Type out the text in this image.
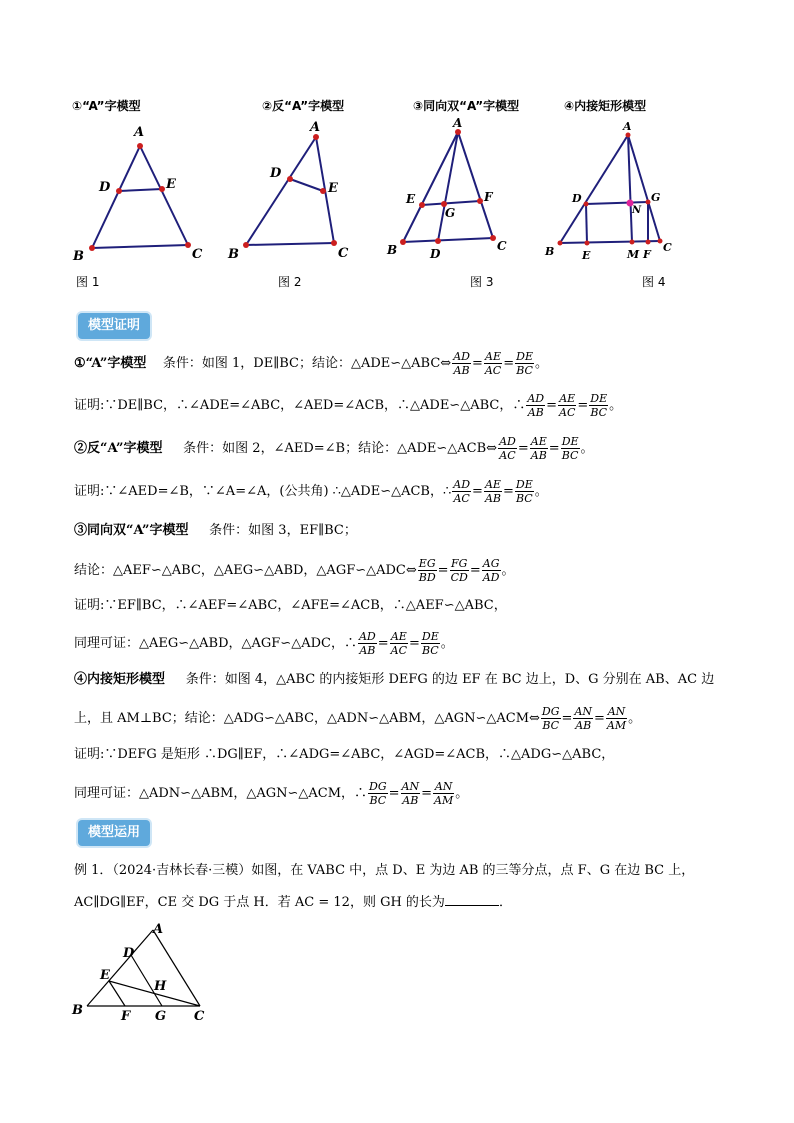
①“A”字模型	②反“A”字模型	③同向双“A”字模型	④内接矩形模型
A
B	C
D	E
A
B	C
D
E
A
B	C
D
E	F
G
A
B	C
D
E	F
G
M
N
图 1	图 2	图 3	图 4
模型证明
①“A”字模型 条件：如图 1，DE∥BC；结论：△ADE∽△ABC⇔ $\frac{AD}{AB} = \frac{AE}{AC} = \frac{DE}{BC}$ 。
证明:∵DE∥BC，∴∠ADE=∠ABC，∠AED=∠ACB，∴△ADE∽△ABC，∴ $\frac{AD}{AB} = \frac{AE}{AC} = \frac{DE}{BC}$ 。
②反“A”字模型 条件：如图 2，∠AED=∠B；结论：△ADE∽△ACB⇔ $\frac{AD}{AC} = \frac{AE}{AB} = \frac{DE}{BC}$ 。
证明:∵∠AED=∠B，∵∠A=∠A，(公共角) ∴△ADE∽△ACB，∴ $\frac{AD}{AC} = \frac{AE}{AB} = \frac{DE}{BC}$ 。
③同向双“A”字模型 条件：如图 3，EF∥BC；
结论：△AEF∽△ABC，△AEG∽△ABD，△AGF∽△ADC⇔ $\frac{EG}{BD} = \frac{FG}{CD} = \frac{AG}{AD}$ 。
证明:∵EF∥BC，∴∠AEF=∠ABC，∠AFE=∠ACB，∴△AEF∽△ABC，
同理可证：△AEG∽△ABD，△AGF∽△ADC，∴ $\frac{AD}{AB} = \frac{AE}{AC} = \frac{DE}{BC}$ 。
④内接矩形模型 条件：如图 4，△ABC 的内接矩形 DEFG 的边 EF 在 BC 边上，D、G 分别在 AB、AC 边
上，且 AM⊥BC；结论：△ADG∽△ABC，△ADN∽△ABM，△AGN∽△ACM⇔ $\frac{DG}{BC} = \frac{AN}{AB} = \frac{AN}{AM}$ 。
证明:∵DEFG 是矩形 ∴DG∥EF，∴∠ADG=∠ABC，∠AGD=∠ACB，∴△ADG∽△ABC，
同理可证：△ADN∽△ABM，△AGN∽△ACM，∴ $\frac{DG}{BC} = \frac{AN}{AB} = \frac{AN}{AM}$ 。
模型运用
例 1．（2024·吉林长春·三模）如图，在 VABC 中，点 D、E 为边 AB 的三等分点，点 F、G 在边 BC 上，
AC∥DG∥EF，CE 交 DG 于点 H．若 AC = 12，则 GH 的长为	．
A
B	C
D
E
F G
H
